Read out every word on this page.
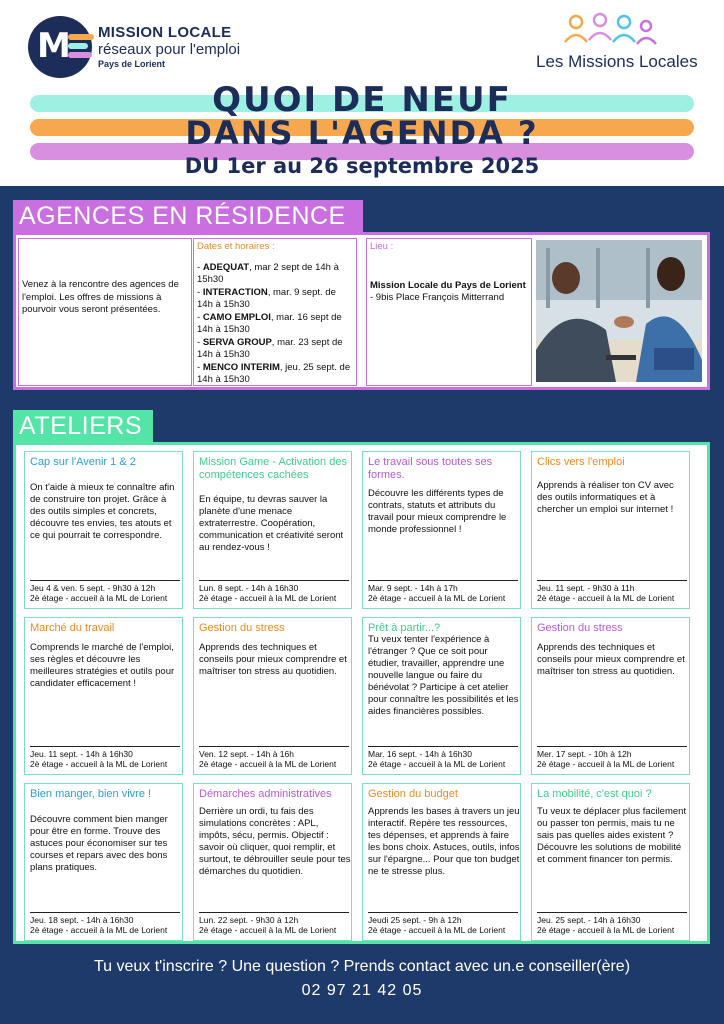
M MISSION LOCALE
réseaux pour l'emploi
Pays de Lorient	Les Missions Locales
QUOI DE NEUF
DANS L'AGENDA ?
DU 1er au 26 septembre 2025
AGENCES EN RÉSIDENCE
Venez à la rencontre des agences de l'emploi. Les offres de missions à pourvoir vous seront présentées.
Dates et horaires :
- ADEQUAT, mar 2 sept de 14h à 15h30
- INTERACTION, mar. 9 sept. de 14h à 15h30
- CAMO EMPLOI, mar. 16 sept de 14h à 15h30
- SERVA GROUP, mar. 23 sept de 14h à 15h30
- MENCO INTERIM, jeu. 25 sept. de 14h à 15h30
Lieu :
Mission Locale du Pays de Lorient - 9bis Place François Mitterrand
ATELIERS
Cap sur l'Avenir 1 & 2
On t'aide à mieux te connaître afin de construire ton projet. Grâce à des outils simples et concrets, découvre tes envies, tes atouts et ce qui pourrait te correspondre.
Jeu 4 & ven. 5 sept. - 9h30 à 12h
2è étage - accueil à la ML de Lorient
Mission Game - Activation des compétences cachées
En équipe, tu devras sauver la planète d'une menace extraterrestre. Coopération, communication et créativité seront au rendez-vous !
Lun. 8 sept. - 14h à 16h30
2è étage - accueil à la ML de Lorient
Le travail sous toutes ses formes.
Découvre les différents types de contrats, statuts et attributs du travail pour mieux comprendre le monde professionnel !
Mar. 9 sept. - 14h à 17h
2è étage - accueil à la ML de Lorient
Clics vers l'emploi
Apprends à réaliser ton CV avec des outils informatiques et à chercher un emploi sur internet !
Jeu. 11 sept. - 9h30 à 11h
2è étage - accueil à la ML de Lorient
Marché du travail
Comprends le marché de l'emploi, ses règles et découvre les meilleures stratégies et outils pour candidater efficacement !
Jeu. 11 sept. - 14h à 16h30
2è étage - accueil à la ML de Lorient
Gestion du stress
Apprends des techniques et conseils pour mieux comprendre et maîtriser ton stress au quotidien.
Ven. 12 sept. - 14h à 16h
2è étage - accueil à la ML de Lorient
Prêt à partir...?
Tu veux tenter l'expérience à l'étranger ? Que ce soit pour étudier, travailler, apprendre une nouvelle langue ou faire du bénévolat ? Participe à cet atelier pour connaître les possibilités et les aides financières possibles.
Mar. 16 sept. - 14h à 16h30
2è étage - accueil à la ML de Lorient
Gestion du stress
Apprends des techniques et conseils pour mieux comprendre et maîtriser ton stress au quotidien.
Mer. 17 sept. - 10h à 12h
2è étage - accueil à la ML de Lorient
Bien manger, bien vivre !
Découvre comment bien manger pour être en forme. Trouve des astuces pour économiser sur tes courses et repars avec des bons plans pratiques.
Jeu. 18 sept. - 14h à 16h30
2è étage - accueil à la ML de Lorient
Démarches administratives
Derrière un ordi, tu fais des simulations concrètes : APL, impôts, sécu, permis. Objectif : savoir où cliquer, quoi remplir, et surtout, te débrouiller seule pour tes démarches du quotidien.
Lun. 22 sept. - 9h30 à 12h
2è étage - accueil à la ML de Lorient
Gestion du budget
Apprends les bases à travers un jeu interactif. Repère tes ressources, tes dépenses, et apprends à faire les bons choix. Astuces, outils, infos sur l'épargne... Pour que ton budget ne te stresse plus.
Jeudi 25 sept. - 9h à 12h
2è étage - accueil à la ML de Lorient
La mobilité, c'est quoi ?
Tu veux te déplacer plus facilement ou passer ton permis, mais tu ne sais pas quelles aides existent ? Découvre les solutions de mobilité et comment financer ton permis.
Jeu. 25 sept. - 14h à 16h30
2è étage - accueil à la ML de Lorient
Tu veux t'inscrire ? Une question ? Prends contact avec un.e conseiller(ère)
02 97 21 42 05
